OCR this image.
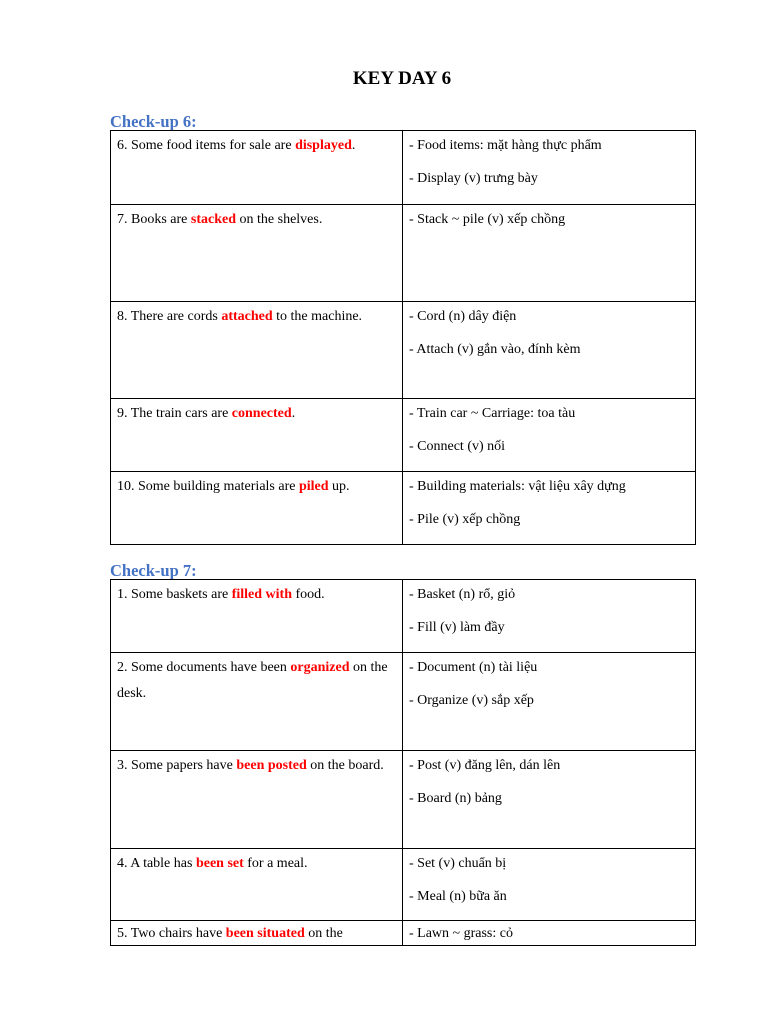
KEY DAY 6
Check-up 6:
6. Some food items for sale are displayed.	- Food items: mặt hàng thực phẩm
- Display (v) trưng bày

7. Books are stacked on the shelves.	- Stack ~ pile (v) xếp chồng

8. There are cords attached to the machine.	- Cord (n) dây điện
- Attach (v) gắn vào, đính kèm

9. The train cars are connected.	- Train car ~ Carriage: toa tàu
- Connect (v) nối

10. Some building materials are piled up.	- Building materials: vật liệu xây dựng
- Pile (v) xếp chồng
Check-up 7:
1. Some baskets are filled with food.	- Basket (n) rổ, giỏ
- Fill (v) làm đầy

2. Some documents have been organized on the desk.	- Document (n) tài liệu
- Organize (v) sắp xếp

3. Some papers have been posted on the board.	- Post (v) đăng lên, dán lên
- Board (n) bảng

4. A table has been set for a meal.	- Set (v) chuẩn bị
- Meal (n) bữa ăn

5. Two chairs have been situated on the	- Lawn ~ grass: cỏ
